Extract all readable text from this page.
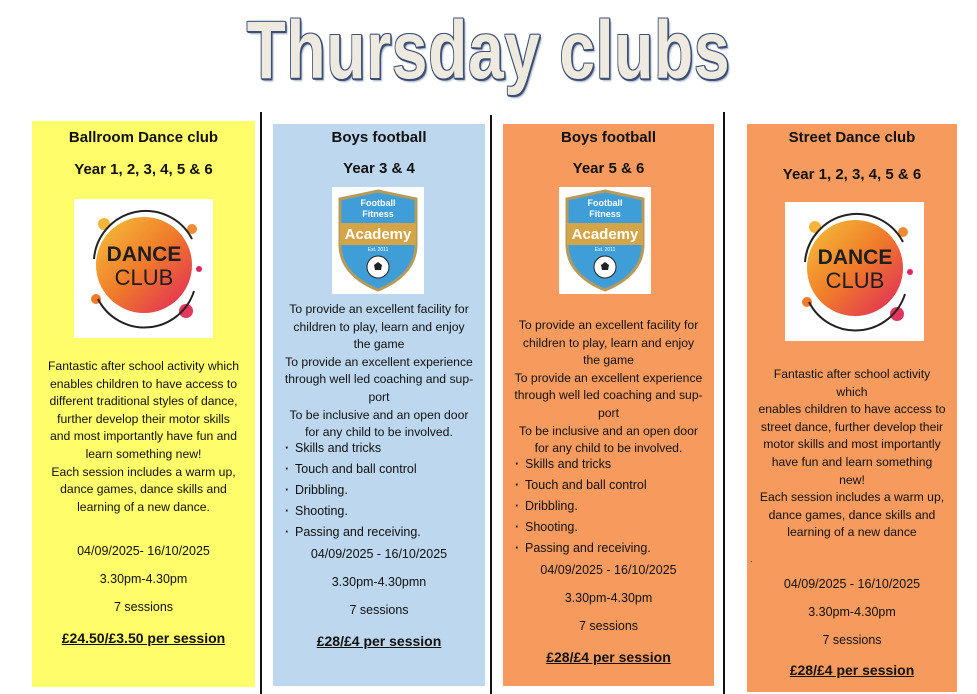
Thursday clubs
Ballroom Dance club
Year 1, 2, 3, 4, 5 & 6
DANCE
CLUB
Fantastic after school activity which
enables children to have access to
different traditional styles of dance,
further develop their motor skills
and most importantly have fun and
learn something new!
Each session includes a warm up,
dance games, dance skills and
learning of a new dance.
04/09/2025- 16/10/2025
3.30pm-4.30pm
7 sessions
£24.50/£3.50 per session
Boys football
Year 3 & 4
Football
Fitness
Academy
Est. 2011
To provide an excellent facility for
children to play, learn and enjoy
the game
To provide an excellent experience
through well led coaching and sup-
port
To be inclusive and an open door
for any child to be involved.
· Skills and tricks
· Touch and ball control
· Dribbling.
· Shooting.
· Passing and receiving.
04/09/2025 - 16/10/2025
3.30pm-4.30pmn
7 sessions
£28/£4 per session
Boys football
Year 5 & 6
Football
Fitness
Academy
Est. 2011
To provide an excellent facility for
children to play, learn and enjoy
the game
To provide an excellent experience
through well led coaching and sup-
port
To be inclusive and an open door
for any child to be involved.
· Skills and tricks
· Touch and ball control
· Dribbling.
· Shooting.
· Passing and receiving.
04/09/2025 - 16/10/2025
3.30pm-4.30pm
7 sessions
£28/£4 per session
Street Dance club
Year 1, 2, 3, 4, 5 & 6
DANCE
CLUB
Fantastic after school activity
which
enables children to have access to
street dance, further develop their
motor skills and most importantly
have fun and learn something
new!
Each session includes a warm up,
dance games, dance skills and
learning of a new dance
.
04/09/2025 - 16/10/2025
3.30pm-4.30pm
7 sessions
£28/£4 per session
